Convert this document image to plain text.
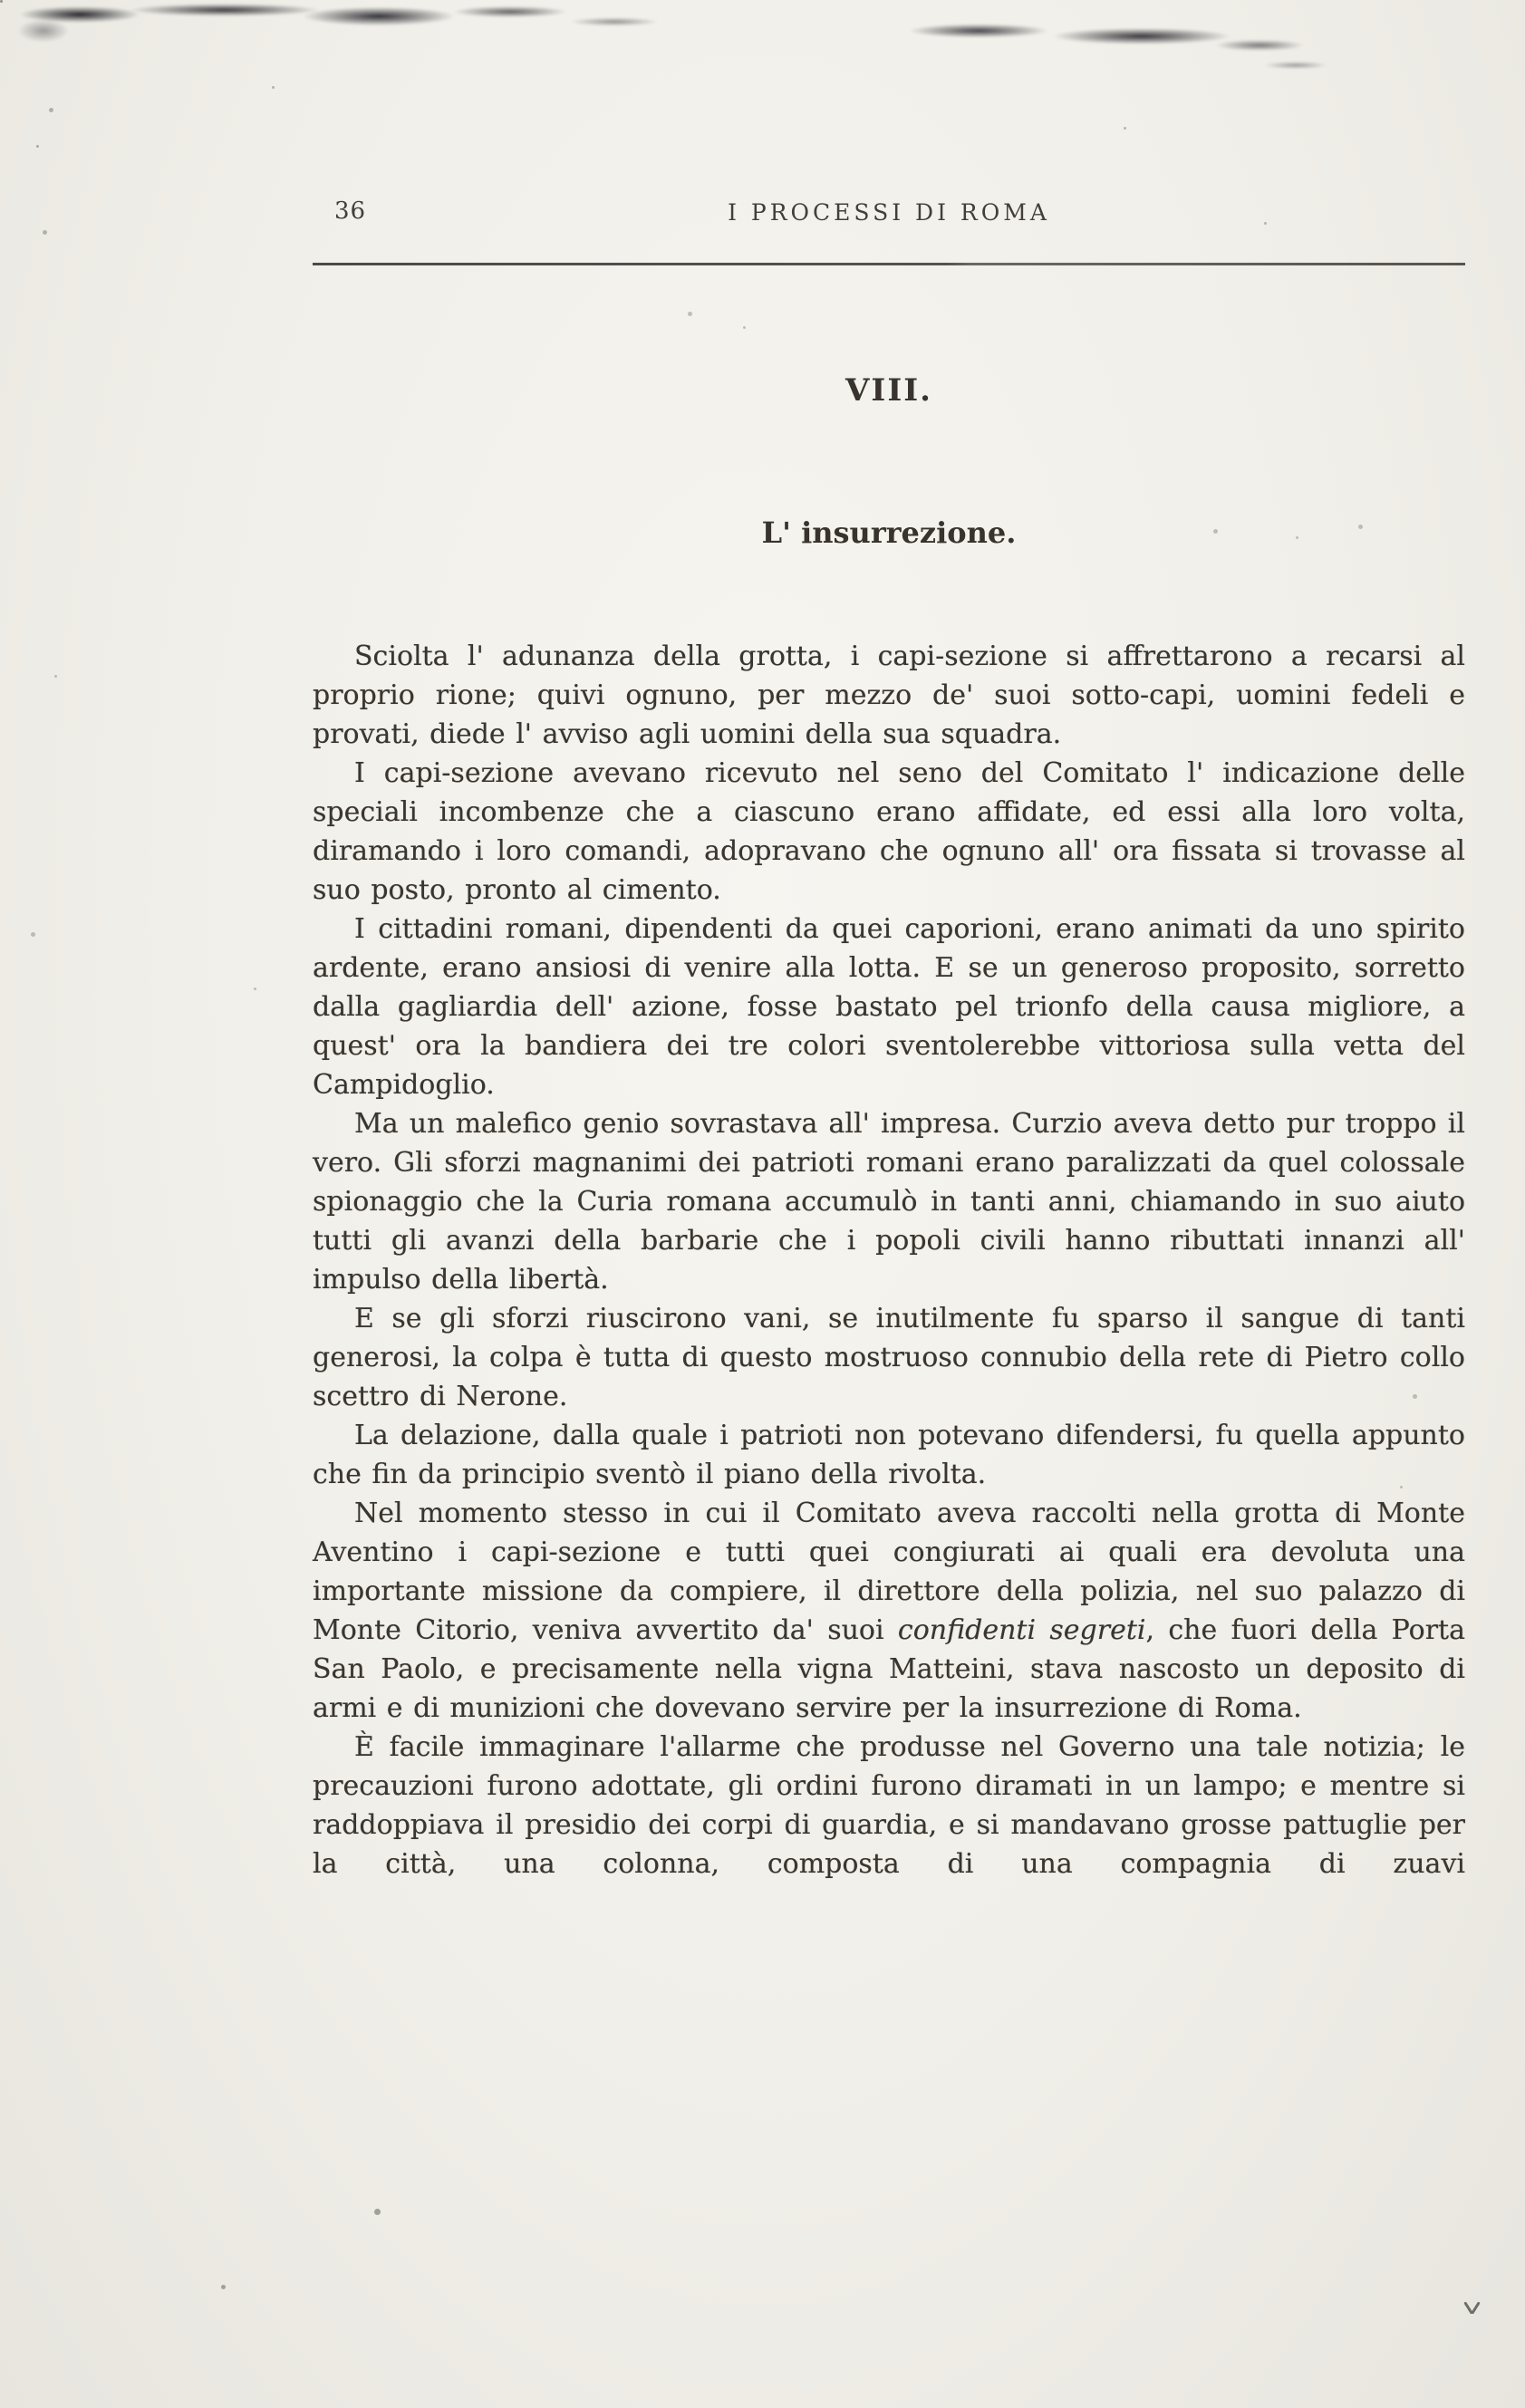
36	I PROCESSI DI ROMA
VIII.
L' insurrezione.

Sciolta l' adunanza della grotta, i capi-sezione si affrettarono a recarsi al proprio rione; quivi ognuno, per mezzo de' suoi sotto-capi, uomini fedeli e provati, diede l' avviso agli uomini della sua squadra.

I capi-sezione avevano ricevuto nel seno del Comitato l' indicazione delle speciali incombenze che a ciascuno erano affidate, ed essi alla loro volta, diramando i loro comandi, adopravano che ognuno all' ora fissata si trovasse al suo posto, pronto al cimento.

I cittadini romani, dipendenti da quei caporioni, erano animati da uno spirito ardente, erano ansiosi di venire alla lotta. E se un generoso proposito, sorretto dalla gagliardia dell' azione, fosse bastato pel trionfo della causa migliore, a quest' ora la bandiera dei tre colori sventolerebbe vittoriosa sulla vetta del Campidoglio.

Ma un malefico genio sovrastava all' impresa. Curzio aveva detto pur troppo il vero. Gli sforzi magnanimi dei patrioti romani erano paralizzati da quel colossale spionaggio che la Curia romana accumulò in tanti anni, chiamando in suo aiuto tutti gli avanzi della barbarie che i popoli civili hanno ributtati innanzi all' impulso della libertà.

E se gli sforzi riuscirono vani, se inutilmente fu sparso il sangue di tanti generosi, la colpa è tutta di questo mostruoso connubio della rete di Pietro collo scettro di Nerone.

La delazione, dalla quale i patrioti non potevano difendersi, fu quella appunto che fin da principio sventò il piano della rivolta.

Nel momento stesso in cui il Comitato aveva raccolti nella grotta di Monte Aventino i capi-sezione e tutti quei congiurati ai quali era devoluta una importante missione da compiere, il direttore della polizia, nel suo palazzo di Monte Citorio, veniva avvertito da' suoi confidenti segreti, che fuori della Porta San Paolo, e precisamente nella vigna Matteini, stava nascosto un deposito di armi e di munizioni che dovevano servire per la insurrezione di Roma.

È facile immaginare l'allarme che produsse nel Governo una tale notizia; le precauzioni furono adottate, gli ordini furono diramati in un lampo; e mentre si raddoppiava il presidio dei corpi di guardia, e si mandavano grosse pattuglie per la città, una colonna, composta di una compagnia di zuavi
